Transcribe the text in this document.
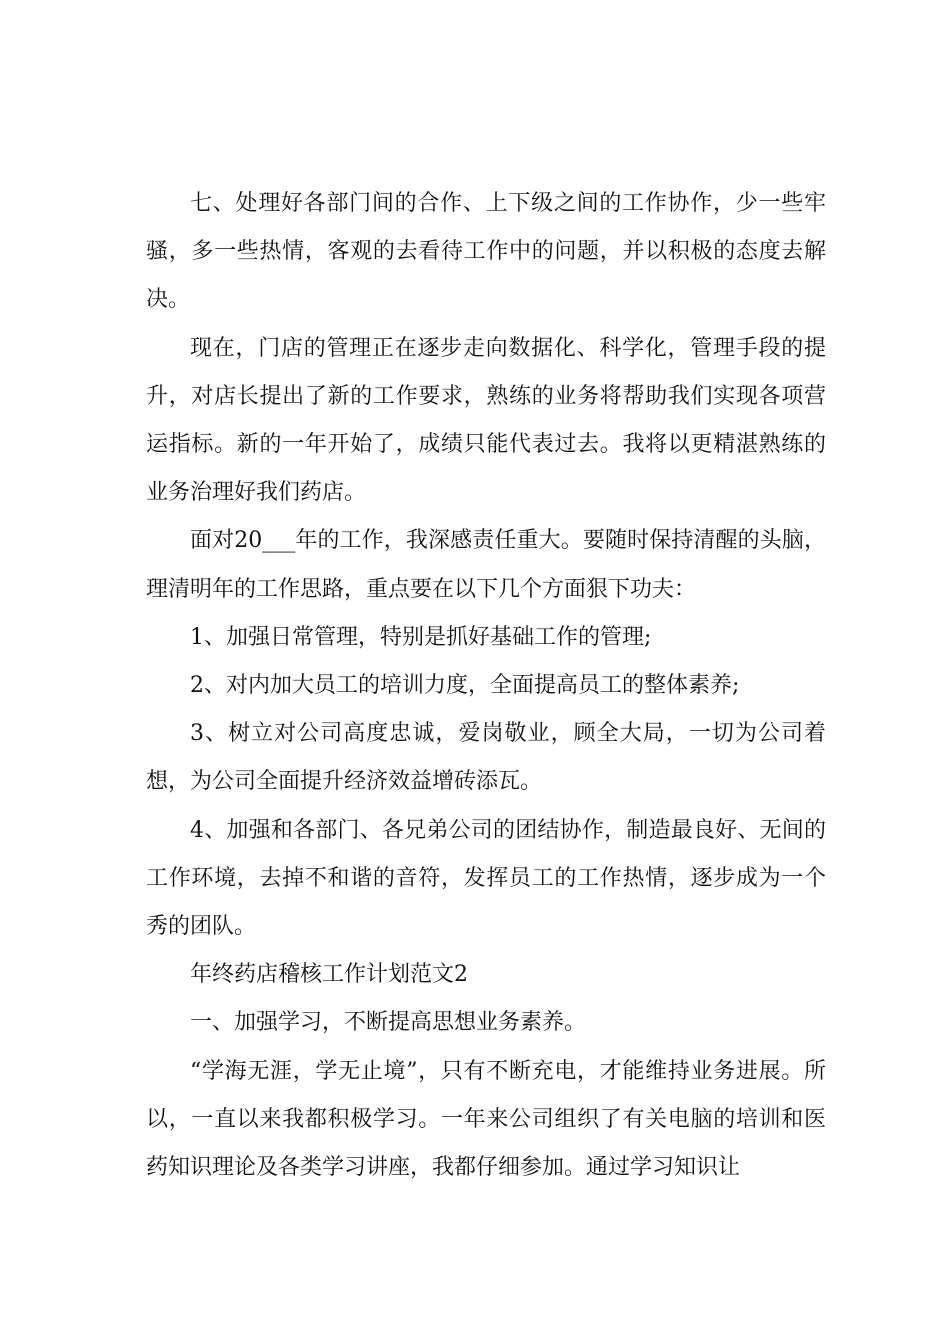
七、处理好各部门间的合作、上下级之间的工作协作，少一些牢骚，多一些热情，客观的去看待工作中的问题，并以积极的态度去解决。

现在，门店的管理正在逐步走向数据化、科学化，管理手段的提升，对店长提出了新的工作要求，熟练的业务将帮助我们实现各项营运指标。新的一年开始了，成绩只能代表过去。我将以更精湛熟练的业务治理好我们药店。

面对20___年的工作，我深感责任重大。要随时保持清醒的头脑，理清明年的工作思路，重点要在以下几个方面狠下功夫：

1、加强日常管理，特别是抓好基础工作的管理;

2、对内加大员工的培训力度，全面提高员工的整体素养;

3、树立对公司高度忠诚，爱岗敬业，顾全大局，一切为公司着想，为公司全面提升经济效益增砖添瓦。

4、加强和各部门、各兄弟公司的团结协作，制造最良好、无间的工作环境，去掉不和谐的音符，发挥员工的工作热情，逐步成为一个秀的团队。

年终药店稽核工作计划范文2

一、加强学习，不断提高思想业务素养。

“学海无涯，学无止境”，只有不断充电，才能维持业务进展。所以，一直以来我都积极学习。一年来公司组织了有关电脑的培训和医药知识理论及各类学习讲座，我都仔细参加。通过学习知识让
